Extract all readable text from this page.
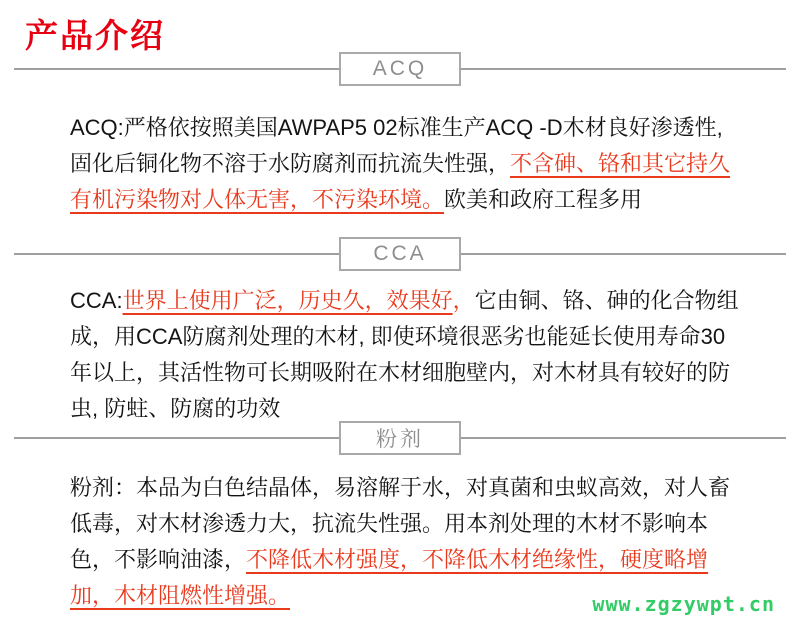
产品介绍
ACQ

ACQ:严格依按照美国AWPAP5 02标准生产ACQ -D木材良好渗透性, 固化后铜化物不溶于水防腐剂而抗流失性强，不含砷、铬和其它持久有机污染物对人体无害，不污染环境。欧美和政府工程多用

CCA

CCA:世界上使用广泛，历史久，效果好，它由铜、铬、砷的化合物组成，用CCA防腐剂处理的木材, 即使环境很恶劣也能延长使用寿命30年以上，其活性物可长期吸附在木材细胞壁内，对木材具有较好的防虫, 防蛀、防腐的功效

粉剂

粉剂：本品为白色结晶体，易溶解于水，对真菌和虫蚁高效，对人畜低毒，对木材渗透力大，抗流失性强。用本剂处理的木材不影响本色，不影响油漆，不降低木材强度，不降低木材绝缘性，硬度略增加，木材阻燃性增强。	www.zgzywpt.cn
